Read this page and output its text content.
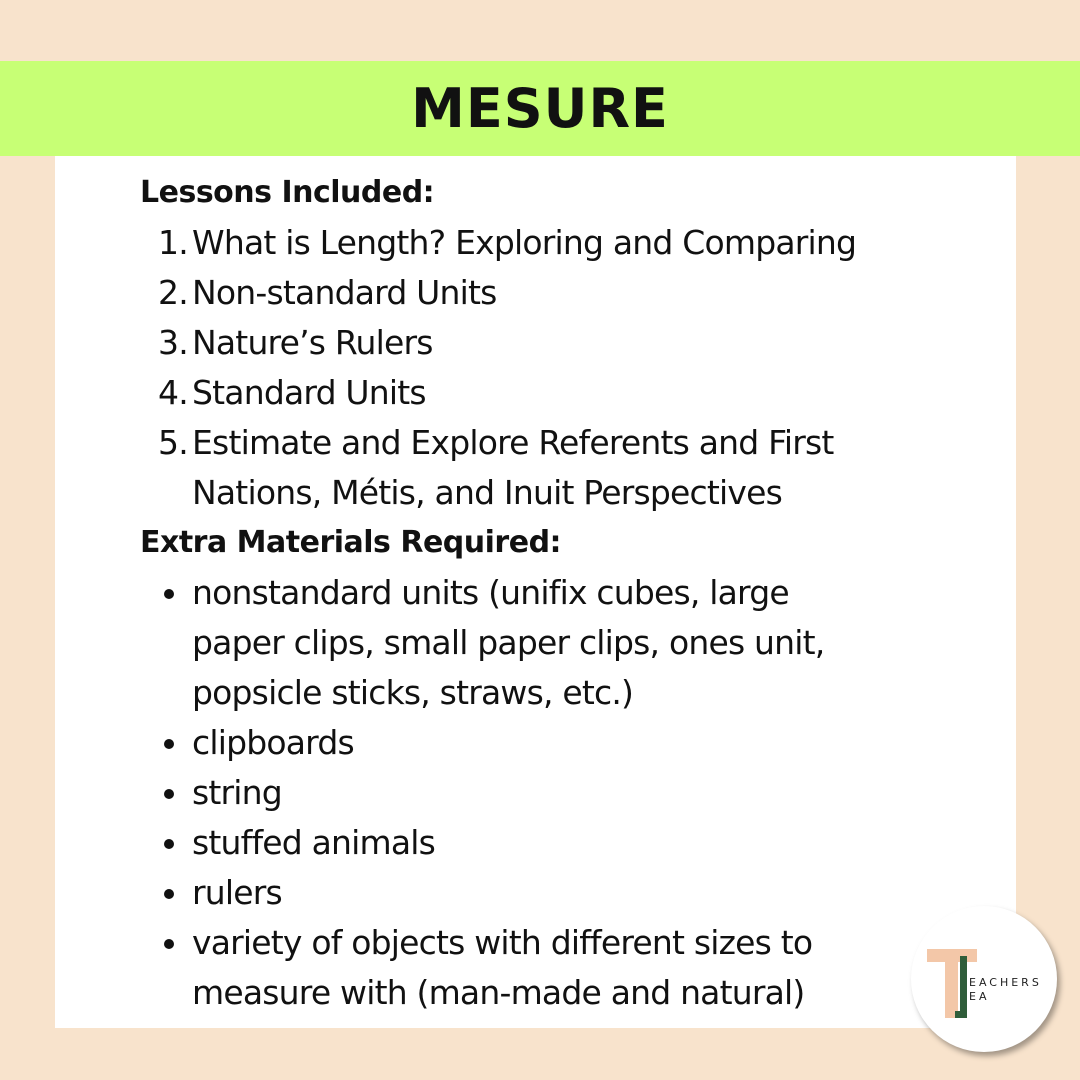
MESURE
Lessons Included:
1. What is Length? Exploring and Comparing
2. Non-standard Units
3. Nature’s Rulers
4. Standard Units
5. Estimate and Explore Referents and First
Nations, Métis, and Inuit Perspectives
Extra Materials Required:
nonstandard units (unifix cubes, large
paper clips, small paper clips, ones unit,
popsicle sticks, straws, etc.)
clipboards
string
stuffed animals
rulers
variety of objects with different sizes to
measure with (man-made and natural)	EACHERS
EA
